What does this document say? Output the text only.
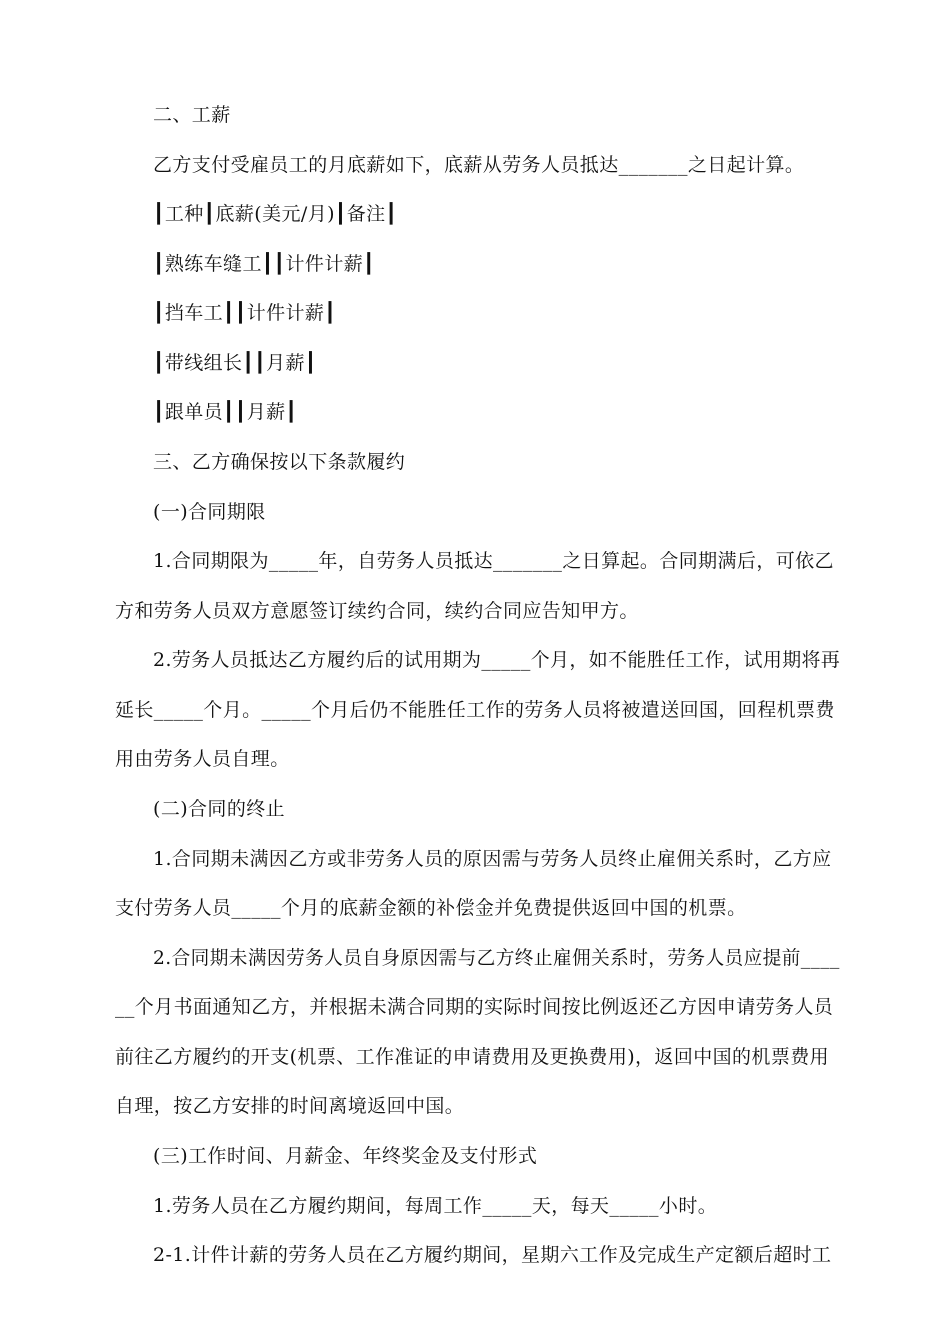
二、工薪
乙方支付受雇员工的月底薪如下，底薪从劳务人员抵达_______之日起计算。
┃工种┃底薪(美元/月)┃备注┃
┃熟练车缝工┃┃计件计薪┃
┃挡车工┃┃计件计薪┃
┃带线组长┃┃月薪┃
┃跟单员┃┃月薪┃
三、乙方确保按以下条款履约
(一)合同期限
1.合同期限为_____年，自劳务人员抵达_______之日算起。合同期满后，可依乙
方和劳务人员双方意愿签订续约合同，续约合同应告知甲方。
2.劳务人员抵达乙方履约后的试用期为_____个月，如不能胜任工作，试用期将再
延长_____个月。_____个月后仍不能胜任工作的劳务人员将被遣送回国，回程机票费
用由劳务人员自理。
(二)合同的终止
1.合同期未满因乙方或非劳务人员的原因需与劳务人员终止雇佣关系时，乙方应
支付劳务人员_____个月的底薪金额的补偿金并免费提供返回中国的机票。
2.合同期未满因劳务人员自身原因需与乙方终止雇佣关系时，劳务人员应提前____
__个月书面通知乙方，并根据未满合同期的实际时间按比例返还乙方因申请劳务人员
前往乙方履约的开支(机票、工作准证的申请费用及更换费用)，返回中国的机票费用
自理，按乙方安排的时间离境返回中国。
(三)工作时间、月薪金、年终奖金及支付形式
1.劳务人员在乙方履约期间，每周工作_____天，每天_____小时。
2-1.计件计薪的劳务人员在乙方履约期间，星期六工作及完成生产定额后超时工
